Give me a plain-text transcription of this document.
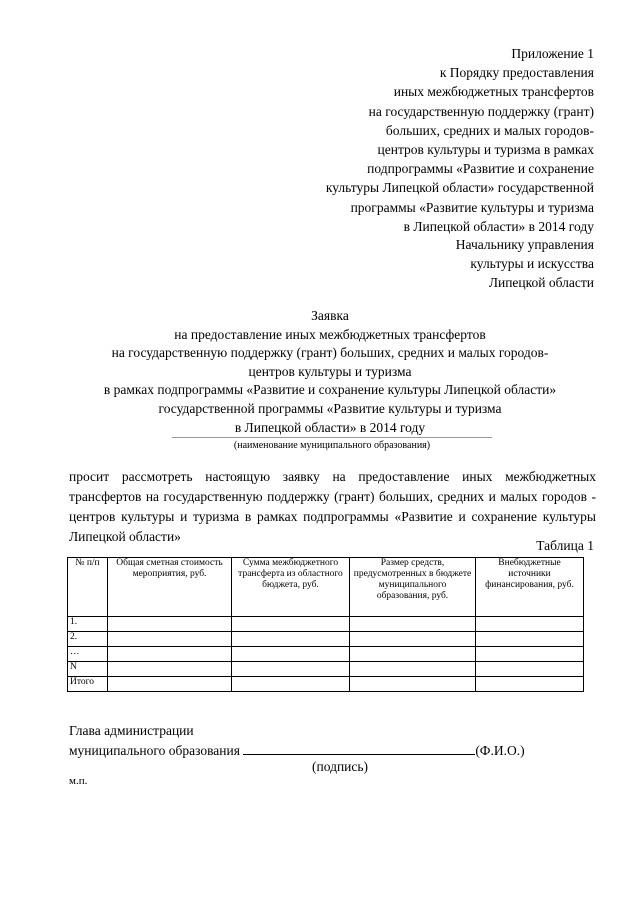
Приложение 1
к Порядку предоставления
иных межбюджетных трансфертов
на государственную поддержку (грант)
больших, средних и малых городов-
центров культуры и туризма в рамках
подпрограммы «Развитие и сохранение
культуры Липецкой области» государственной
программы «Развитие культуры и туризма
в Липецкой области» в 2014 году
Начальнику управления
культуры и искусства
Липецкой области
Заявка
на предоставление иных межбюджетных трансфертов
на государственную поддержку (грант) больших, средних и малых городов-
центров культуры и туризма
в рамках подпрограммы «Развитие и сохранение культуры Липецкой области»
государственной программы «Развитие культуры и туризма
в Липецкой области» в 2014 году
(наименование муниципального образования)
просит рассмотреть настоящую заявку на предоставление иных межбюджетных трансфертов на государственную поддержку (грант) больших, средних и малых городов - центров культуры и туризма в рамках подпрограммы «Развитие и сохранение культуры Липецкой области»
Таблица 1
№ п/п	Общая сметная стоимость мероприятия, руб.	Сумма межбюджетного трансферта из областного бюджета, руб.	Размер средств, предусмотренных в бюджете муниципального образования, руб.	Внебюджетные источники финансирования, руб.
1.				
2.				
…				
N				
Итого				
Глава администрации
муниципального образования	(Ф.И.О.)
(подпись)
м.п.
